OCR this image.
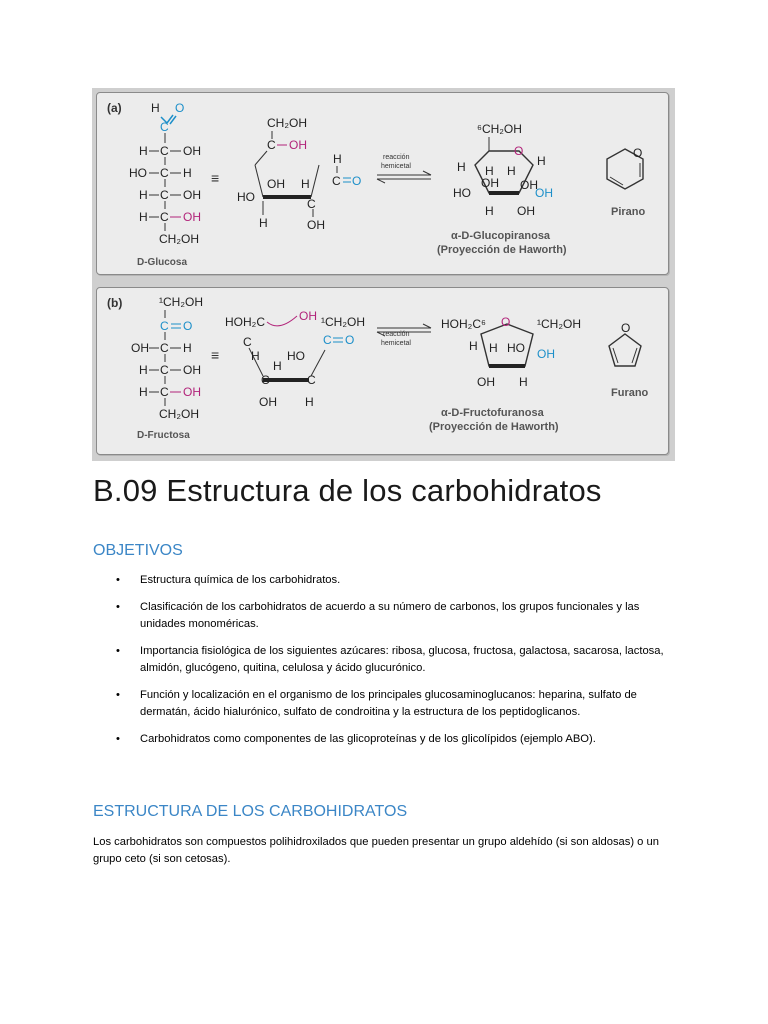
(a) H O
C
H C OH
HO C H
H C OH
H C OH
CH₂OH
D-Glucosa
≡
CH₂OH
C OH
HO
OH H
C
OH
H
H
C O
reacción
hemicetal
⁶CH₂OH
O
H
OH
HO
OH
OH
H H
H OH
H
α-D-Glucopiranosa
(Proyección de Haworth)
O
Pirano
(b)	¹CH₂OH
C O
OH C H
H C OH
H C OH
CH₂OH
D-Fructosa
≡
HOH₂C	OH
C
H
H
C	C
HO
OH H
¹CH₂OH
C O	reacción
hemicetal
HOH₂C⁶ O ¹CH₂OH
H H HO OH
OH H
α-D-Fructofuranosa
(Proyección de Haworth)
O
Furano
B.09 Estructura de los carbohidratos
OBJETIVOS
• Estructura química de los carbohidratos.
• Clasificación de los carbohidratos de acuerdo a su número de carbonos, los grupos funcionales y las unidades monoméricas.
• Importancia fisiológica de los siguientes azúcares: ribosa, glucosa, fructosa, galactosa, sacarosa, lactosa, almidón, glucógeno, quitina, celulosa y ácido glucurónico.
• Función y localización en el organismo de los principales glucosaminoglucanos: heparina, sulfato de dermatán, ácido hialurónico, sulfato de condroitina y la estructura de los peptidoglicanos.
• Carbohidratos como componentes de las glicoproteínas y de los glicolípidos (ejemplo ABO).
ESTRUCTURA DE LOS CARBOHIDRATOS

Los carbohidratos son compuestos polihidroxilados que pueden presentar un grupo aldehído (si son aldosas) o un grupo ceto (si son cetosas).
